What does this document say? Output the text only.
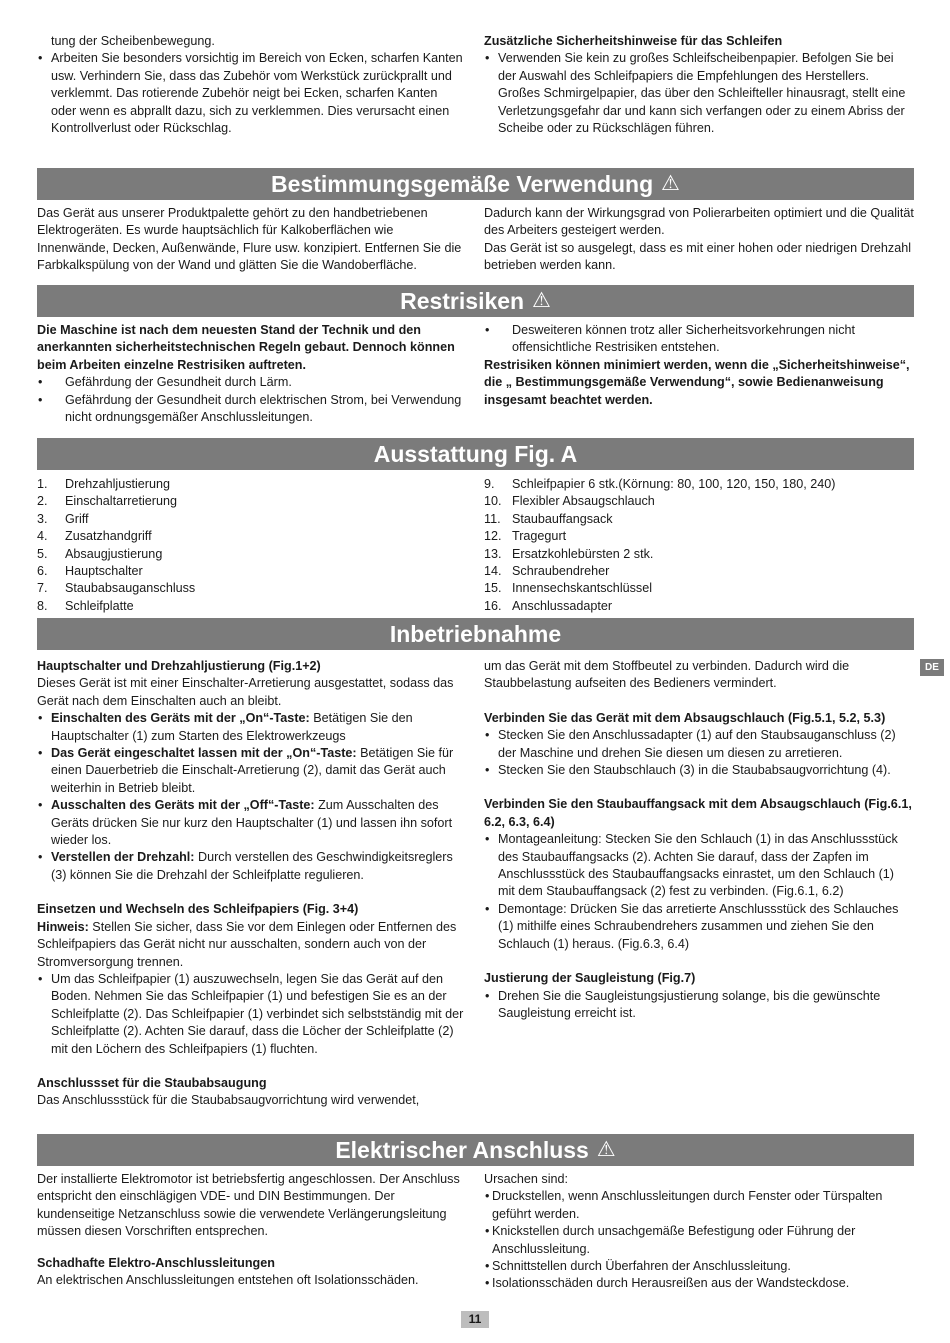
tung der Scheibenbewegung.

• Arbeiten Sie besonders vorsichtig im Bereich von Ecken, scharfen Kanten usw. Verhindern Sie, dass das Zubehör vom Werkstück zurückprallt und verklemmt. Das rotierende Zubehör neigt bei Ecken, scharfen Kanten oder wenn es abprallt dazu, sich zu verklemmen. Dies verursacht einen Kontrollverlust oder Rückschlag.

Zusätzliche Sicherheitshinweise für das Schleifen

• Verwenden Sie kein zu großes Schleifscheibenpapier. Befolgen Sie bei der Auswahl des Schleifpapiers die Empfehlungen des Herstellers. Großes Schmirgelpapier, das über den Schleifteller hinausragt, stellt eine Verletzungsgefahr dar und kann sich verfangen oder zu einem Abriss der Scheibe oder zu Rückschlägen führen.
Bestimmungsgemäße Verwendung ⚠

Das Gerät aus unserer Produktpalette gehört zu den handbetriebenen Elektrogeräten. Es wurde hauptsächlich für Kalkoberflächen wie Innenwände, Decken, Außenwände, Flure usw. konzipiert. Entfernen Sie die Farbkalkspülung von der Wand und glätten Sie die Wandoberfläche.

Dadurch kann der Wirkungsgrad von Polierarbeiten optimiert und die Qualität des Arbeiters gesteigert werden.

Das Gerät ist so ausgelegt, dass es mit einer hohen oder niedrigen Drehzahl betrieben werden kann.

Restrisiken ⚠

Die Maschine ist nach dem neuesten Stand der Technik und den anerkannten sicherheitstechnischen Regeln gebaut. Dennoch können beim Arbeiten einzelne Restrisiken auftreten.

• Gefährdung der Gesundheit durch Lärm.
• Gefährdung der Gesundheit durch elektrischen Strom, bei Verwendung nicht ordnungsgemäßer Anschlussleitungen.
• Desweiteren können trotz aller Sicherheitsvorkehrungen nicht offensichtliche Restrisiken entstehen.

Restrisiken können minimiert werden, wenn die „Sicherheitshinweise“, die „ Bestimmungsgemäße Verwendung“, sowie Bedienanweisung insgesamt beachtet werden.

Ausstattung Fig. A
1. Drehzahljustierung
2. Einschaltarretierung
3. Griff
4. Zusatzhandgriff
5. Absaugjustierung
6. Hauptschalter
7. Staubabsauganschluss
8. Schleifplatte
9. Schleifpapier 6 stk.(Körnung: 80, 100, 120, 150, 180, 240)
10. Flexibler Absaugschlauch
11. Staubauffangsack
12. Tragegurt
13. Ersatzkohlebürsten 2 stk.
14. Schraubendreher
15. Innensechskantschlüssel
16. Anschlussadapter
Inbetriebnahme

Hauptschalter und Drehzahljustierung (Fig.1+2)

Dieses Gerät ist mit einer Einschalter-Arretierung ausgestattet, sodass das Gerät nach dem Einschalten auch an bleibt.

• Einschalten des Geräts mit der „On“-Taste: Betätigen Sie den Hauptschalter (1) zum Starten des Elektrowerkzeugs
• Das Gerät eingeschaltet lassen mit der „On“-Taste: Betätigen Sie für einen Dauerbetrieb die Einschalt-Arretierung (2), damit das Gerät auch weiterhin in Betrieb bleibt.
• Ausschalten des Geräts mit der „Off“-Taste: Zum Ausschalten des Geräts drücken Sie nur kurz den Hauptschalter (1) und lassen ihn sofort wieder los.
• Verstellen der Drehzahl: Durch verstellen des Geschwindigkeitsreglers (3) können Sie die Drehzahl der Schleifplatte regulieren.

Einsetzen und Wechseln des Schleifpapiers (Fig. 3+4)

Hinweis: Stellen Sie sicher, dass Sie vor dem Einlegen oder Entfernen des Schleifpapiers das Gerät nicht nur ausschalten, sondern auch von der Stromversorgung trennen.

• Um das Schleifpapier (1) auszuwechseln, legen Sie das Gerät auf den Boden. Nehmen Sie das Schleifpapier (1) und befestigen Sie es an der Schleifplatte (2). Das Schleifpapier (1) verbindet sich selbstständig mit der Schleifplatte (2). Achten Sie darauf, dass die Löcher der Schleifplatte (2) mit den Löchern des Schleifpapiers (1) fluchten.

Anschlussset für die Staubabsaugung

Das Anschlussstück für die Staubabsaugvorrichtung wird verwendet,

um das Gerät mit dem Stoffbeutel zu verbinden. Dadurch wird die Staubbelastung aufseiten des Bedieners vermindert.

Verbinden Sie das Gerät mit dem Absaugschlauch (Fig.5.1, 5.2, 5.3)

• Stecken Sie den Anschlussadapter (1) auf den Staubsauganschluss (2) der Maschine und drehen Sie diesen um diesen zu arretieren.
• Stecken Sie den Staubschlauch (3) in die Staubabsaugvorrichtung (4).

Verbinden Sie den Staubauffangsack mit dem Absaugschlauch (Fig.6.1, 6.2, 6.3, 6.4)

• Montageanleitung: Stecken Sie den Schlauch (1) in das Anschlussstück des Staubauffangsacks (2). Achten Sie darauf, dass der Zapfen im Anschlussstück des Staubauffangsacks einrastet, um den Schlauch (1) mit dem Staubauffangsack (2) fest zu verbinden. (Fig.6.1, 6.2)
• Demontage: Drücken Sie das arretierte Anschlussstück des Schlauches (1) mithilfe eines Schraubendrehers zusammen und ziehen Sie den Schlauch (1) heraus. (Fig.6.3, 6.4)

Justierung der Saugleistung (Fig.7)

• Drehen Sie die Saugleistungsjustierung solange, bis die gewünschte Saugleistung erreicht ist.
DE
Elektrischer Anschluss ⚠

Der installierte Elektromotor ist betriebsfertig angeschlossen. Der Anschluss entspricht den einschlägigen VDE- und DIN Bestimmungen. Der kundenseitige Netzanschluss sowie die verwendete Verlängerungsleitung müssen diesen Vorschriften entsprechen.

Schadhafte Elektro-Anschlussleitungen

An elektrischen Anschlussleitungen entstehen oft Isolationsschäden.

Ursachen sind:

• Druckstellen, wenn Anschlussleitungen durch Fenster oder Türspalten geführt werden.
• Knickstellen durch unsachgemäße Befestigung oder Führung der Anschlussleitung.
• Schnittstellen durch Überfahren der Anschlussleitung.
• Isolationsschäden durch Herausreißen aus der Wandsteckdose.
11
